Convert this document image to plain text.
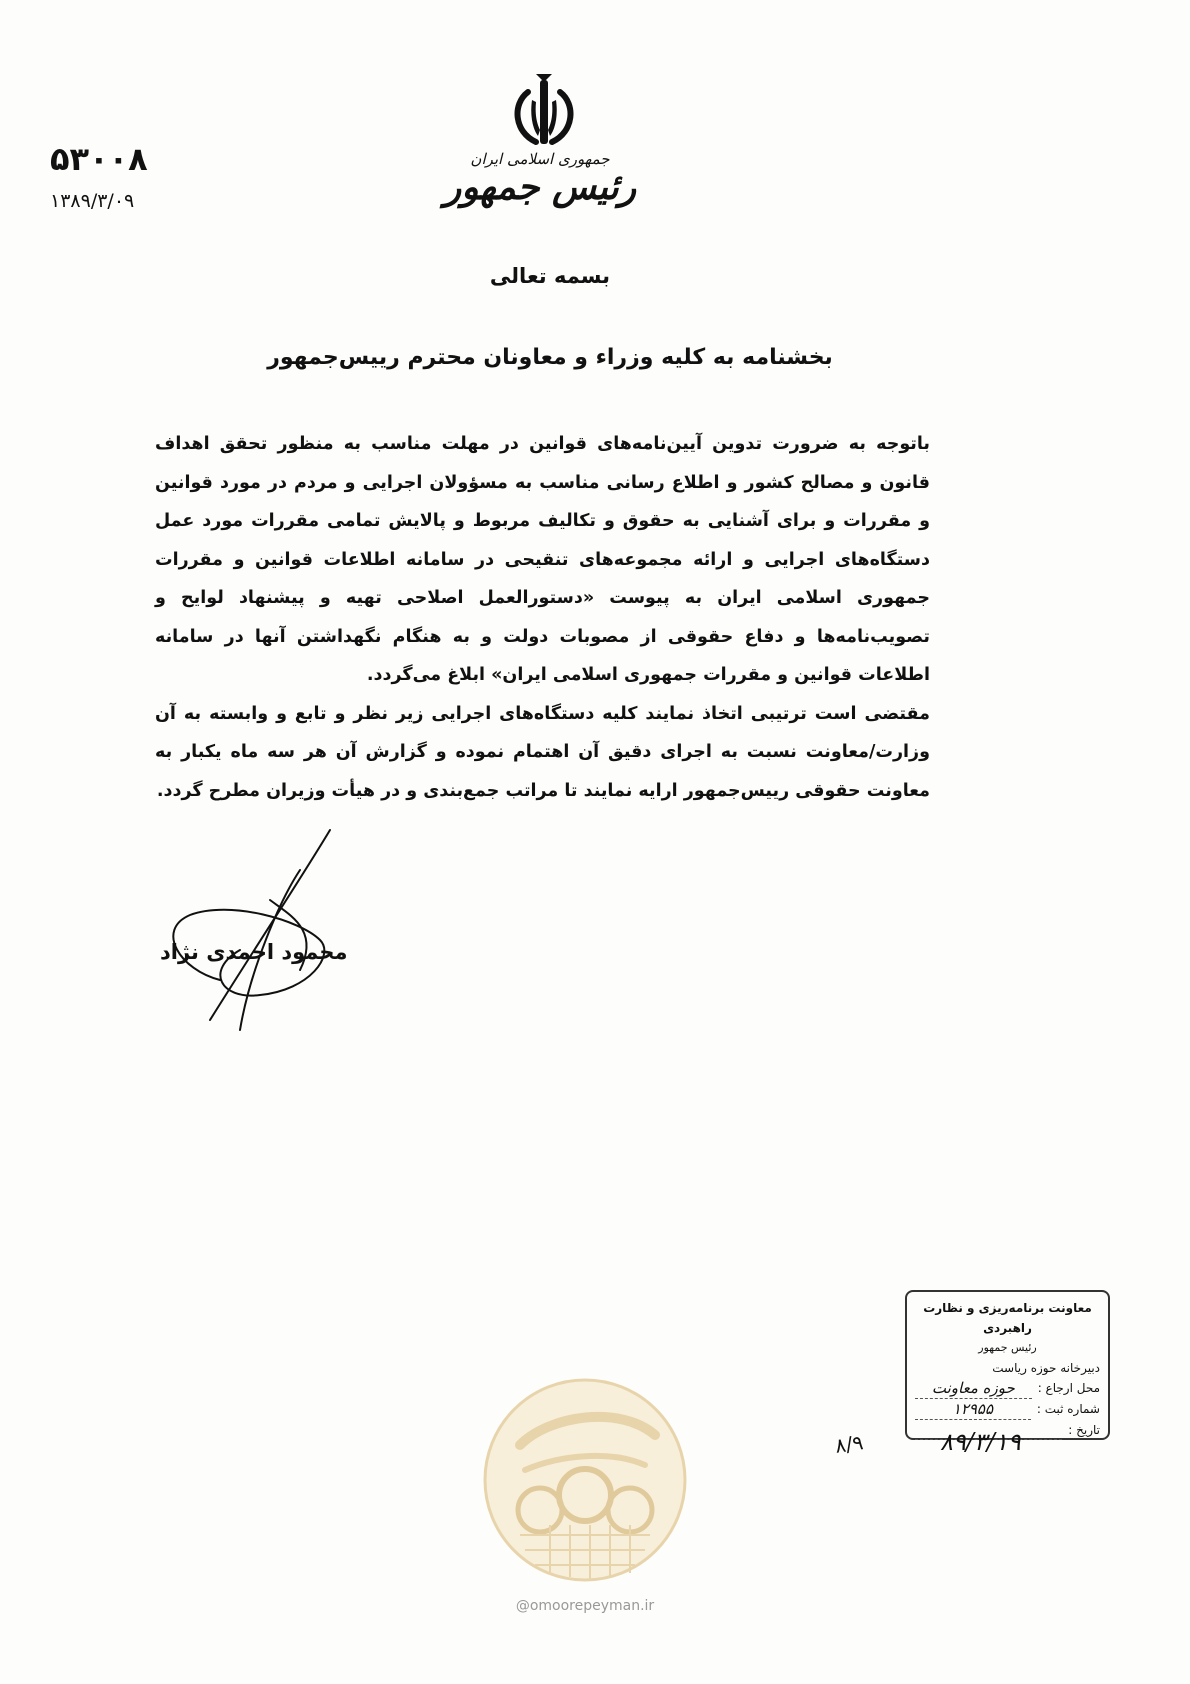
جمهوری اسلامی ایران
رئیس جمهور
۵۳۰۰۸
۱۳۸۹/۳/۰۹
بسمه تعالی
بخشنامه به کلیه وزراء و معاونان محترم رییس‌جمهور

باتوجه به ضرورت تدوین آیین‌نامه‌های قوانین در مهلت مناسب به منظور تحقق اهداف قانون و مصالح کشور و اطلاع رسانی مناسب به مسؤولان اجرایی و مردم در مورد قوانین و مقررات و برای آشنایی به حقوق و تکالیف مربوط و پالایش تمامی مقررات مورد عمل دستگاه‌های اجرایی و ارائه مجموعه‌های تنقیحی در سامانه اطلاعات قوانین و مقررات جمهوری اسلامی ایران به پیوست «دستورالعمل اصلاحی تهیه و پیشنهاد لوایح و تصویب‌نامه‌ها و دفاع حقوقی از مصوبات دولت و به هنگام نگهداشتن آنها در سامانه اطلاعات قوانین و مقررات جمهوری اسلامی ایران» ابلاغ می‌گردد.

مقتضی است ترتیبی اتخاذ نمایند کلیه دستگاه‌های اجرایی زیر نظر و تابع و وابسته به آن وزارت/معاونت نسبت به اجرای دقیق آن اهتمام نموده و گزارش آن هر سه ماه یکبار به معاونت حقوقی رییس‌جمهور ارایه نمایند تا مراتب جمع‌بندی و در هیأت وزیران مطرح گردد.

محمود احمدی نژاد
@omoorepeyman.ir
۸/۹
معاونت برنامه‌ریزی و نظارت راهبردی
رئیس جمهور
دبیرخانه حوزه ریاست
محل ارجاع :
حوزه معاونت
شماره ثبت :
۱۲۹۵۵
تاریخ :
۸۹/۳/۱۹
